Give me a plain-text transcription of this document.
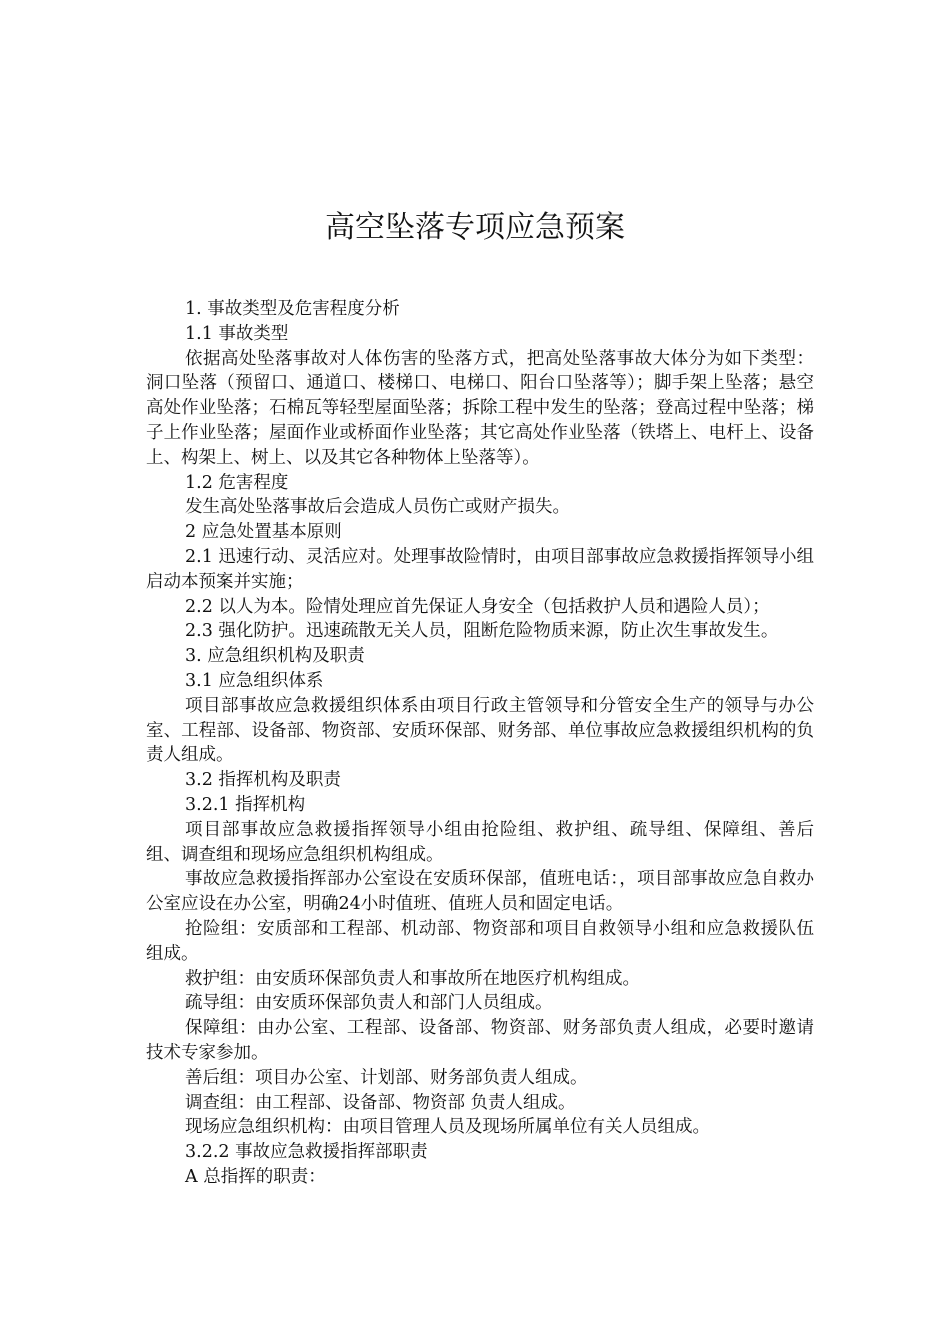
高空坠落专项应急预案

1. 事故类型及危害程度分析

1.1 事故类型

依据高处坠落事故对人体伤害的坠落方式，把高处坠落事故大体分为如下类型：洞口坠落（预留口、通道口、楼梯口、电梯口、阳台口坠落等）；脚手架上坠落；悬空高处作业坠落；石棉瓦等轻型屋面坠落；拆除工程中发生的坠落；登高过程中坠落；梯子上作业坠落；屋面作业或桥面作业坠落；其它高处作业坠落（铁塔上、电杆上、设备上、构架上、树上、以及其它各种物体上坠落等）。

1.2 危害程度

发生高处坠落事故后会造成人员伤亡或财产损失。

2 应急处置基本原则

2.1 迅速行动、灵活应对。处理事故险情时，由项目部事故应急救援指挥领导小组启动本预案并实施；

2.2 以人为本。险情处理应首先保证人身安全（包括救护人员和遇险人员）；

2.3 强化防护。迅速疏散无关人员，阻断危险物质来源，防止次生事故发生。

3. 应急组织机构及职责

3.1 应急组织体系

项目部事故应急救援组织体系由项目行政主管领导和分管安全生产的领导与办公室、工程部、设备部、物资部、安质环保部、财务部、单位事故应急救援组织机构的负责人组成。

3.2 指挥机构及职责

3.2.1 指挥机构

项目部事故应急救援指挥领导小组由抢险组、救护组、疏导组、保障组、善后组、调查组和现场应急组织机构组成。

事故应急救援指挥部办公室设在安质环保部，值班电话：，项目部事故应急自救办公室应设在办公室，明确24小时值班、值班人员和固定电话。

抢险组：安质部和工程部、机动部、物资部和项目自救领导小组和应急救援队伍组成。

救护组：由安质环保部负责人和事故所在地医疗机构组成。

疏导组：由安质环保部负责人和部门人员组成。

保障组：由办公室、工程部、设备部、物资部、财务部负责人组成，必要时邀请技术专家参加。

善后组：项目办公室、计划部、财务部负责人组成。

调查组：由工程部、设备部、物资部 负责人组成。

现场应急组织机构：由项目管理人员及现场所属单位有关人员组成。

3.2.2 事故应急救援指挥部职责

A 总指挥的职责：
